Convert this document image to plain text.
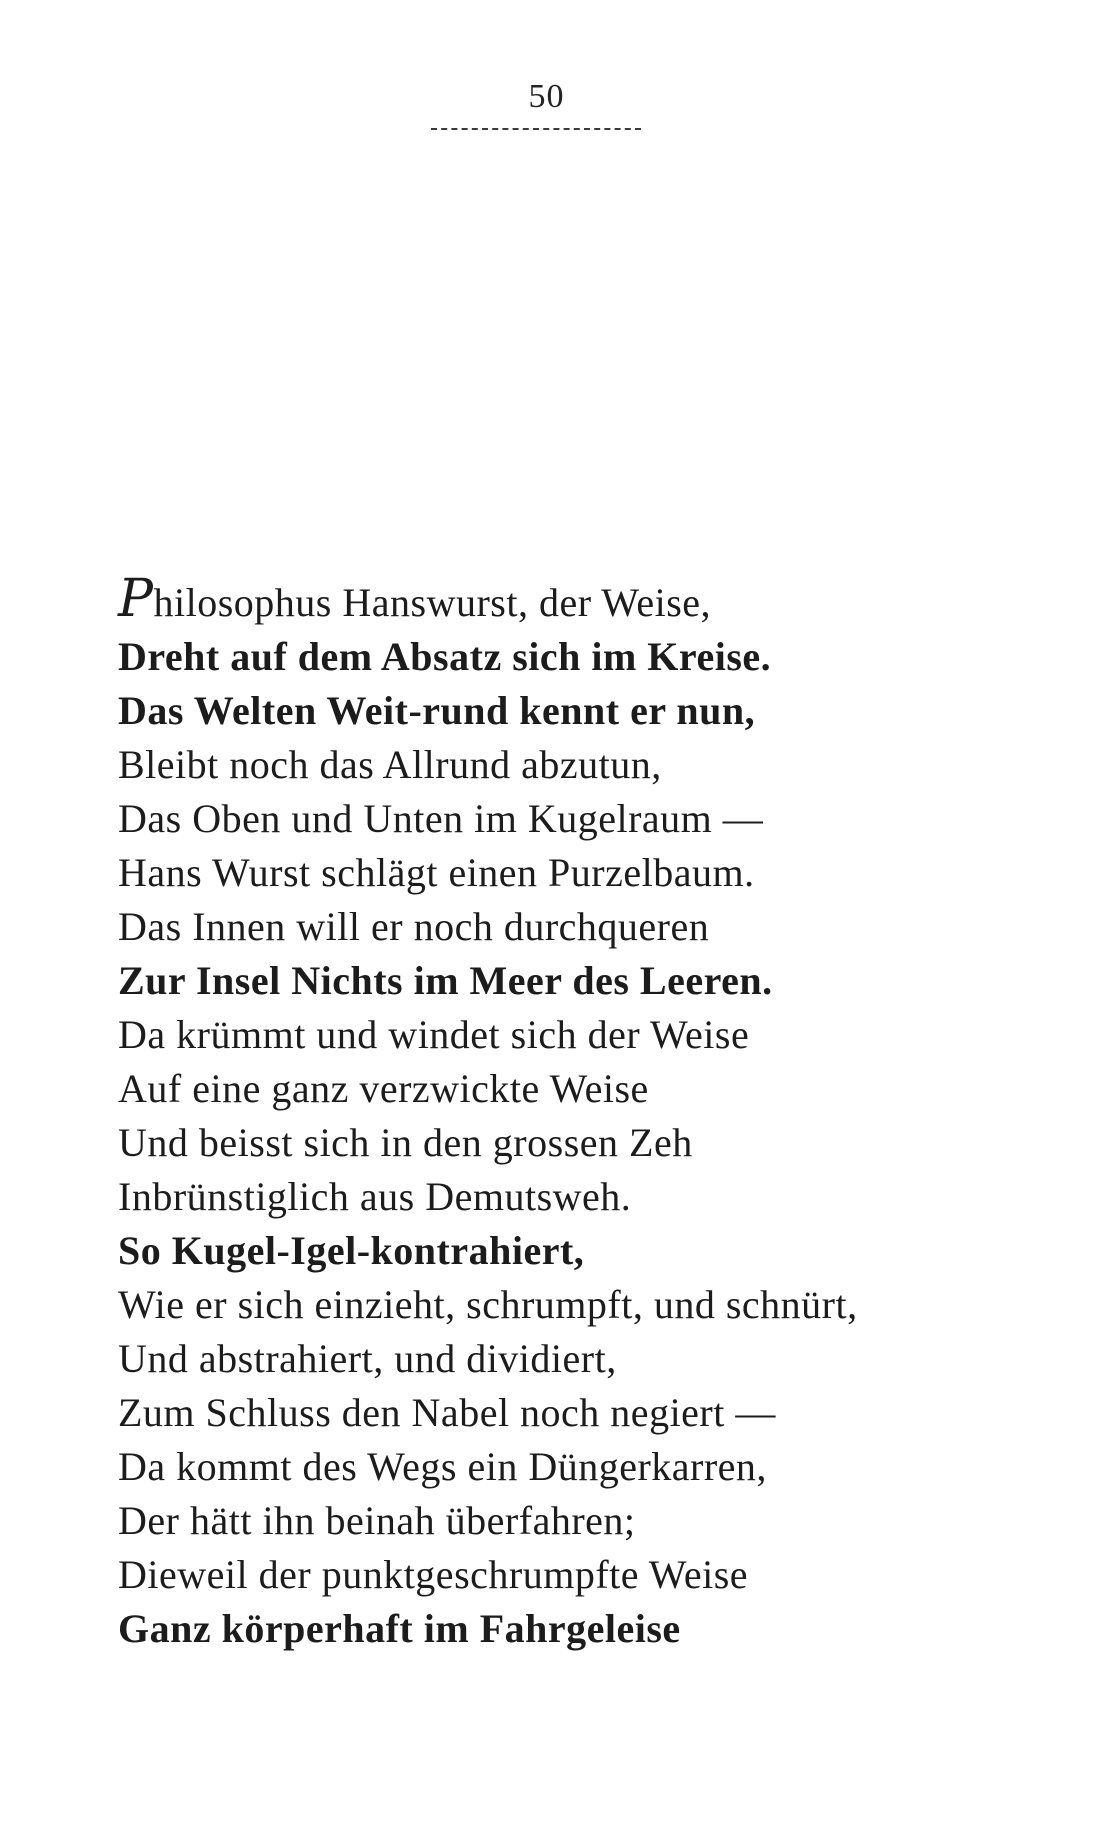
50
Philosophus Hanswurst, der Weise,
Dreht auf dem Absatz sich im Kreise.
Das Welten Weit-rund kennt er nun,
Bleibt noch das Allrund abzutun,
Das Oben und Unten im Kugelraum —
Hans Wurst schlägt einen Purzelbaum.
Das Innen will er noch durchqueren
Zur Insel Nichts im Meer des Leeren.
Da krümmt und windet sich der Weise
Auf eine ganz verzwickte Weise
Und beisst sich in den grossen Zeh
Inbrünstiglich aus Demutsweh.
So Kugel-Igel-kontrahiert,
Wie er sich einzieht, schrumpft, und schnürt,
Und abstrahiert, und dividiert,
Zum Schluss den Nabel noch negiert —
Da kommt des Wegs ein Düngerkarren,
Der hätt ihn beinah überfahren;
Dieweil der punktgeschrumpfte Weise
Ganz körperhaft im Fahrgeleise
